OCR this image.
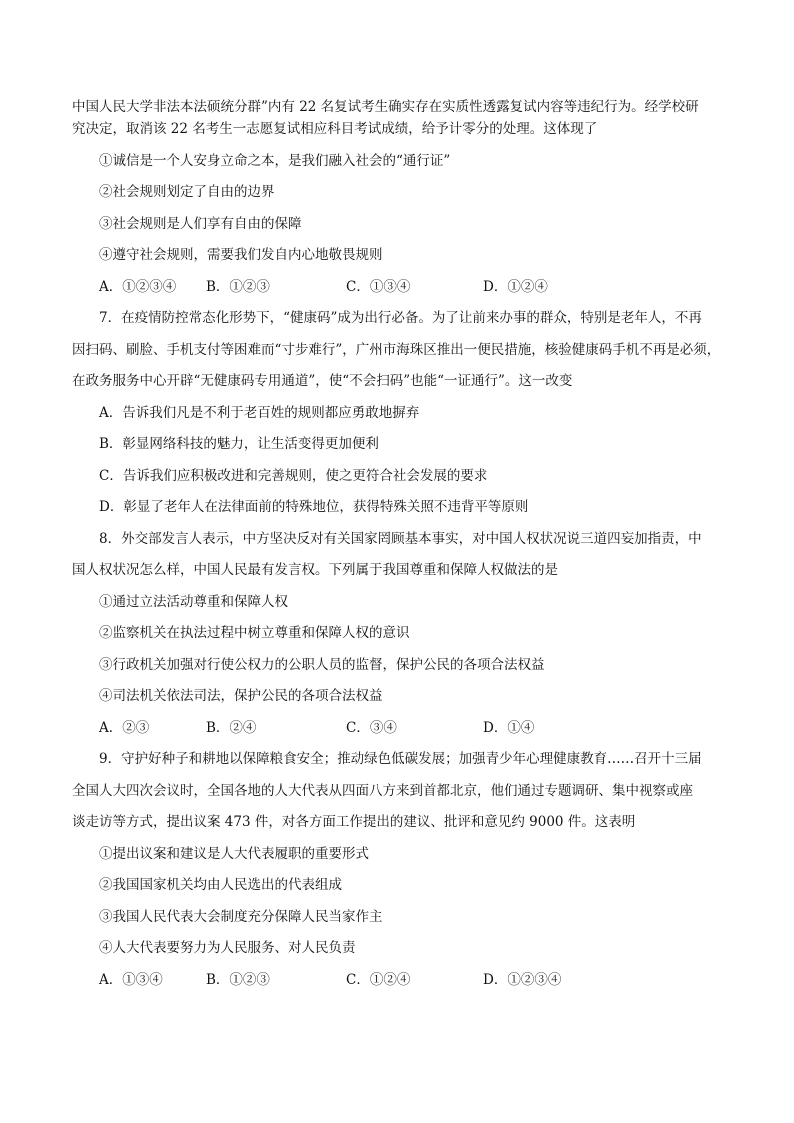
中国人民大学非法本法硕统分群”内有 22 名复试考生确实存在实质性透露复试内容等违纪行为。经学校研
究决定，取消该 22 名考生一志愿复试相应科目考试成绩，给予计零分的处理。这体现了
①诚信是一个人安身立命之本，是我们融入社会的“通行证”
②社会规则划定了自由的边界
③社会规则是人们享有自由的保障
④遵守社会规则，需要我们发自内心地敬畏规则
A．①②③④	B．①②③	C．①③④	D．①②④
7．在疫情防控常态化形势下，“健康码”成为出行必备。为了让前来办事的群众，特别是老年人，不再
因扫码、刷脸、手机支付等困难而“寸步难行”，广州市海珠区推出一便民措施，核验健康码手机不再是必须，
在政务服务中心开辟“无健康码专用通道”，使“不会扫码”也能“一证通行”。这一改变
A．告诉我们凡是不利于老百姓的规则都应勇敢地摒弃
B．彰显网络科技的魅力，让生活变得更加便利
C．告诉我们应积极改进和完善规则，使之更符合社会发展的要求
D．彰显了老年人在法律面前的特殊地位，获得特殊关照不违背平等原则
8．外交部发言人表示，中方坚决反对有关国家罔顾基本事实，对中国人权状况说三道四妄加指责，中
国人权状况怎么样，中国人民最有发言权。下列属于我国尊重和保障人权做法的是
①通过立法活动尊重和保障人权
②监察机关在执法过程中树立尊重和保障人权的意识
③行政机关加强对行使公权力的公职人员的监督，保护公民的各项合法权益
④司法机关依法司法，保护公民的各项合法权益
A．②③	B．②④	C．③④	D．①④
9．守护好种子和耕地以保障粮食安全；推动绿色低碳发展；加强青少年心理健康教育……召开十三届
全国人大四次会议时，全国各地的人大代表从四面八方来到首都北京，他们通过专题调研、集中视察或座
谈走访等方式，提出议案 473 件，对各方面工作提出的建议、批评和意见约 9000 件。这表明
①提出议案和建议是人大代表履职的重要形式
②我国国家机关均由人民选出的代表组成
③我国人民代表大会制度充分保障人民当家作主
④人大代表要努力为人民服务、对人民负责
A．①③④	B．①②③	C．①②④	D．①②③④
